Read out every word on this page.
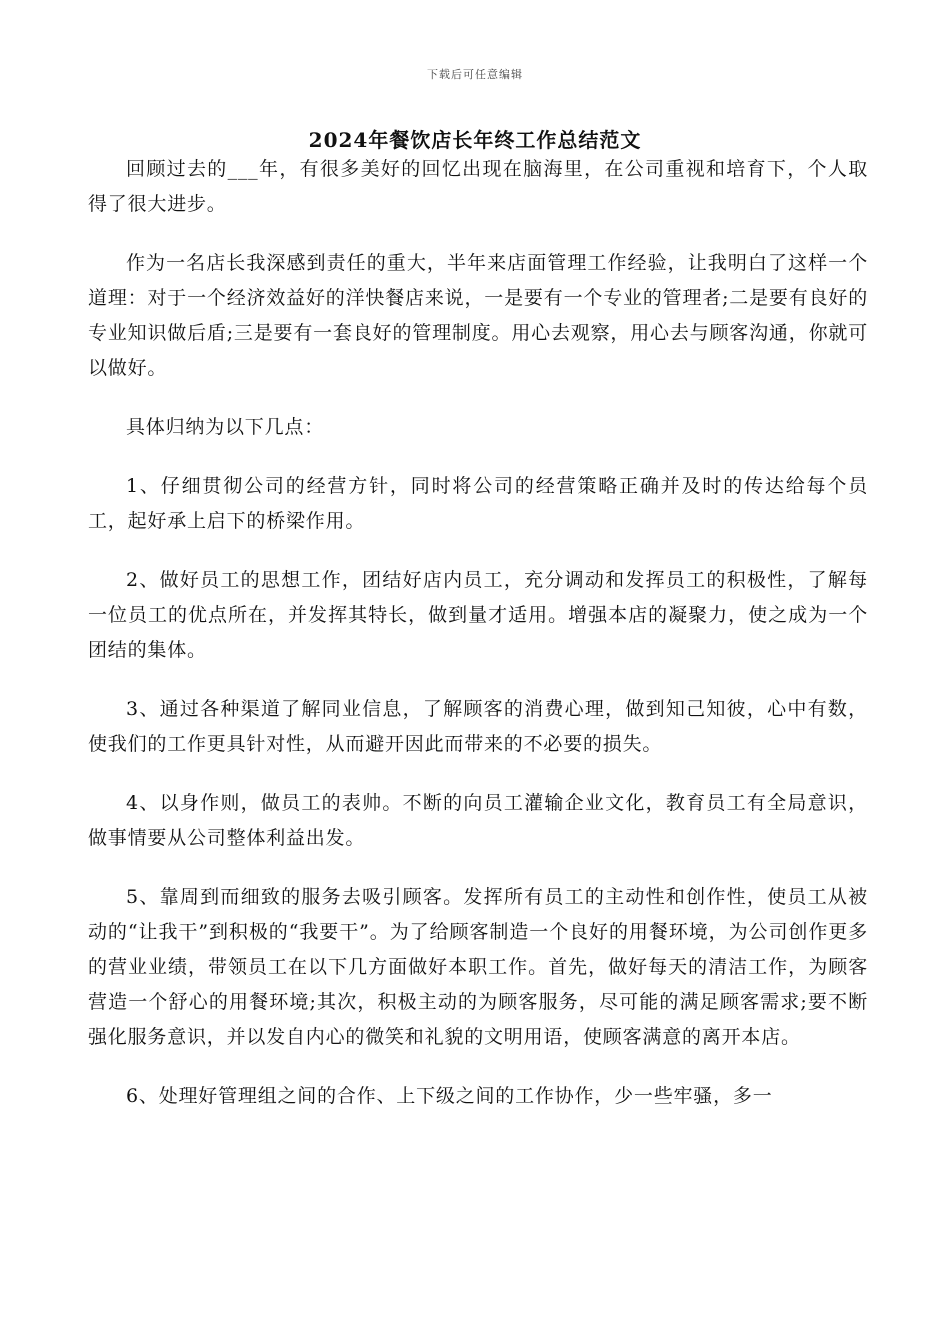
下载后可任意编辑
2024年餐饮店长年终工作总结范文

回顾过去的___年，有很多美好的回忆出现在脑海里，在公司重视和培育下，个人取得了很大进步。

作为一名店长我深感到责任的重大，半年来店面管理工作经验，让我明白了这样一个道理：对于一个经济效益好的洋快餐店来说，一是要有一个专业的管理者;二是要有良好的专业知识做后盾;三是要有一套良好的管理制度。用心去观察，用心去与顾客沟通，你就可以做好。

具体归纳为以下几点：

1、仔细贯彻公司的经营方针，同时将公司的经营策略正确并及时的传达给每个员工，起好承上启下的桥梁作用。

2、做好员工的思想工作，团结好店内员工，充分调动和发挥员工的积极性，了解每一位员工的优点所在，并发挥其特长，做到量才适用。增强本店的凝聚力，使之成为一个团结的集体。

3、通过各种渠道了解同业信息，了解顾客的消费心理，做到知己知彼，心中有数，使我们的工作更具针对性，从而避开因此而带来的不必要的损失。

4、以身作则，做员工的表帅。不断的向员工灌输企业文化，教育员工有全局意识，做事情要从公司整体利益出发。

5、靠周到而细致的服务去吸引顾客。发挥所有员工的主动性和创作性，使员工从被动的“让我干”到积极的“我要干”。为了给顾客制造一个良好的用餐环境，为公司创作更多的营业业绩，带领员工在以下几方面做好本职工作。首先，做好每天的清洁工作，为顾客营造一个舒心的用餐环境;其次，积极主动的为顾客服务，尽可能的满足顾客需求;要不断强化服务意识，并以发自内心的微笑和礼貌的文明用语，使顾客满意的离开本店。

6、处理好管理组之间的合作、上下级之间的工作协作，少一些牢骚，多一
